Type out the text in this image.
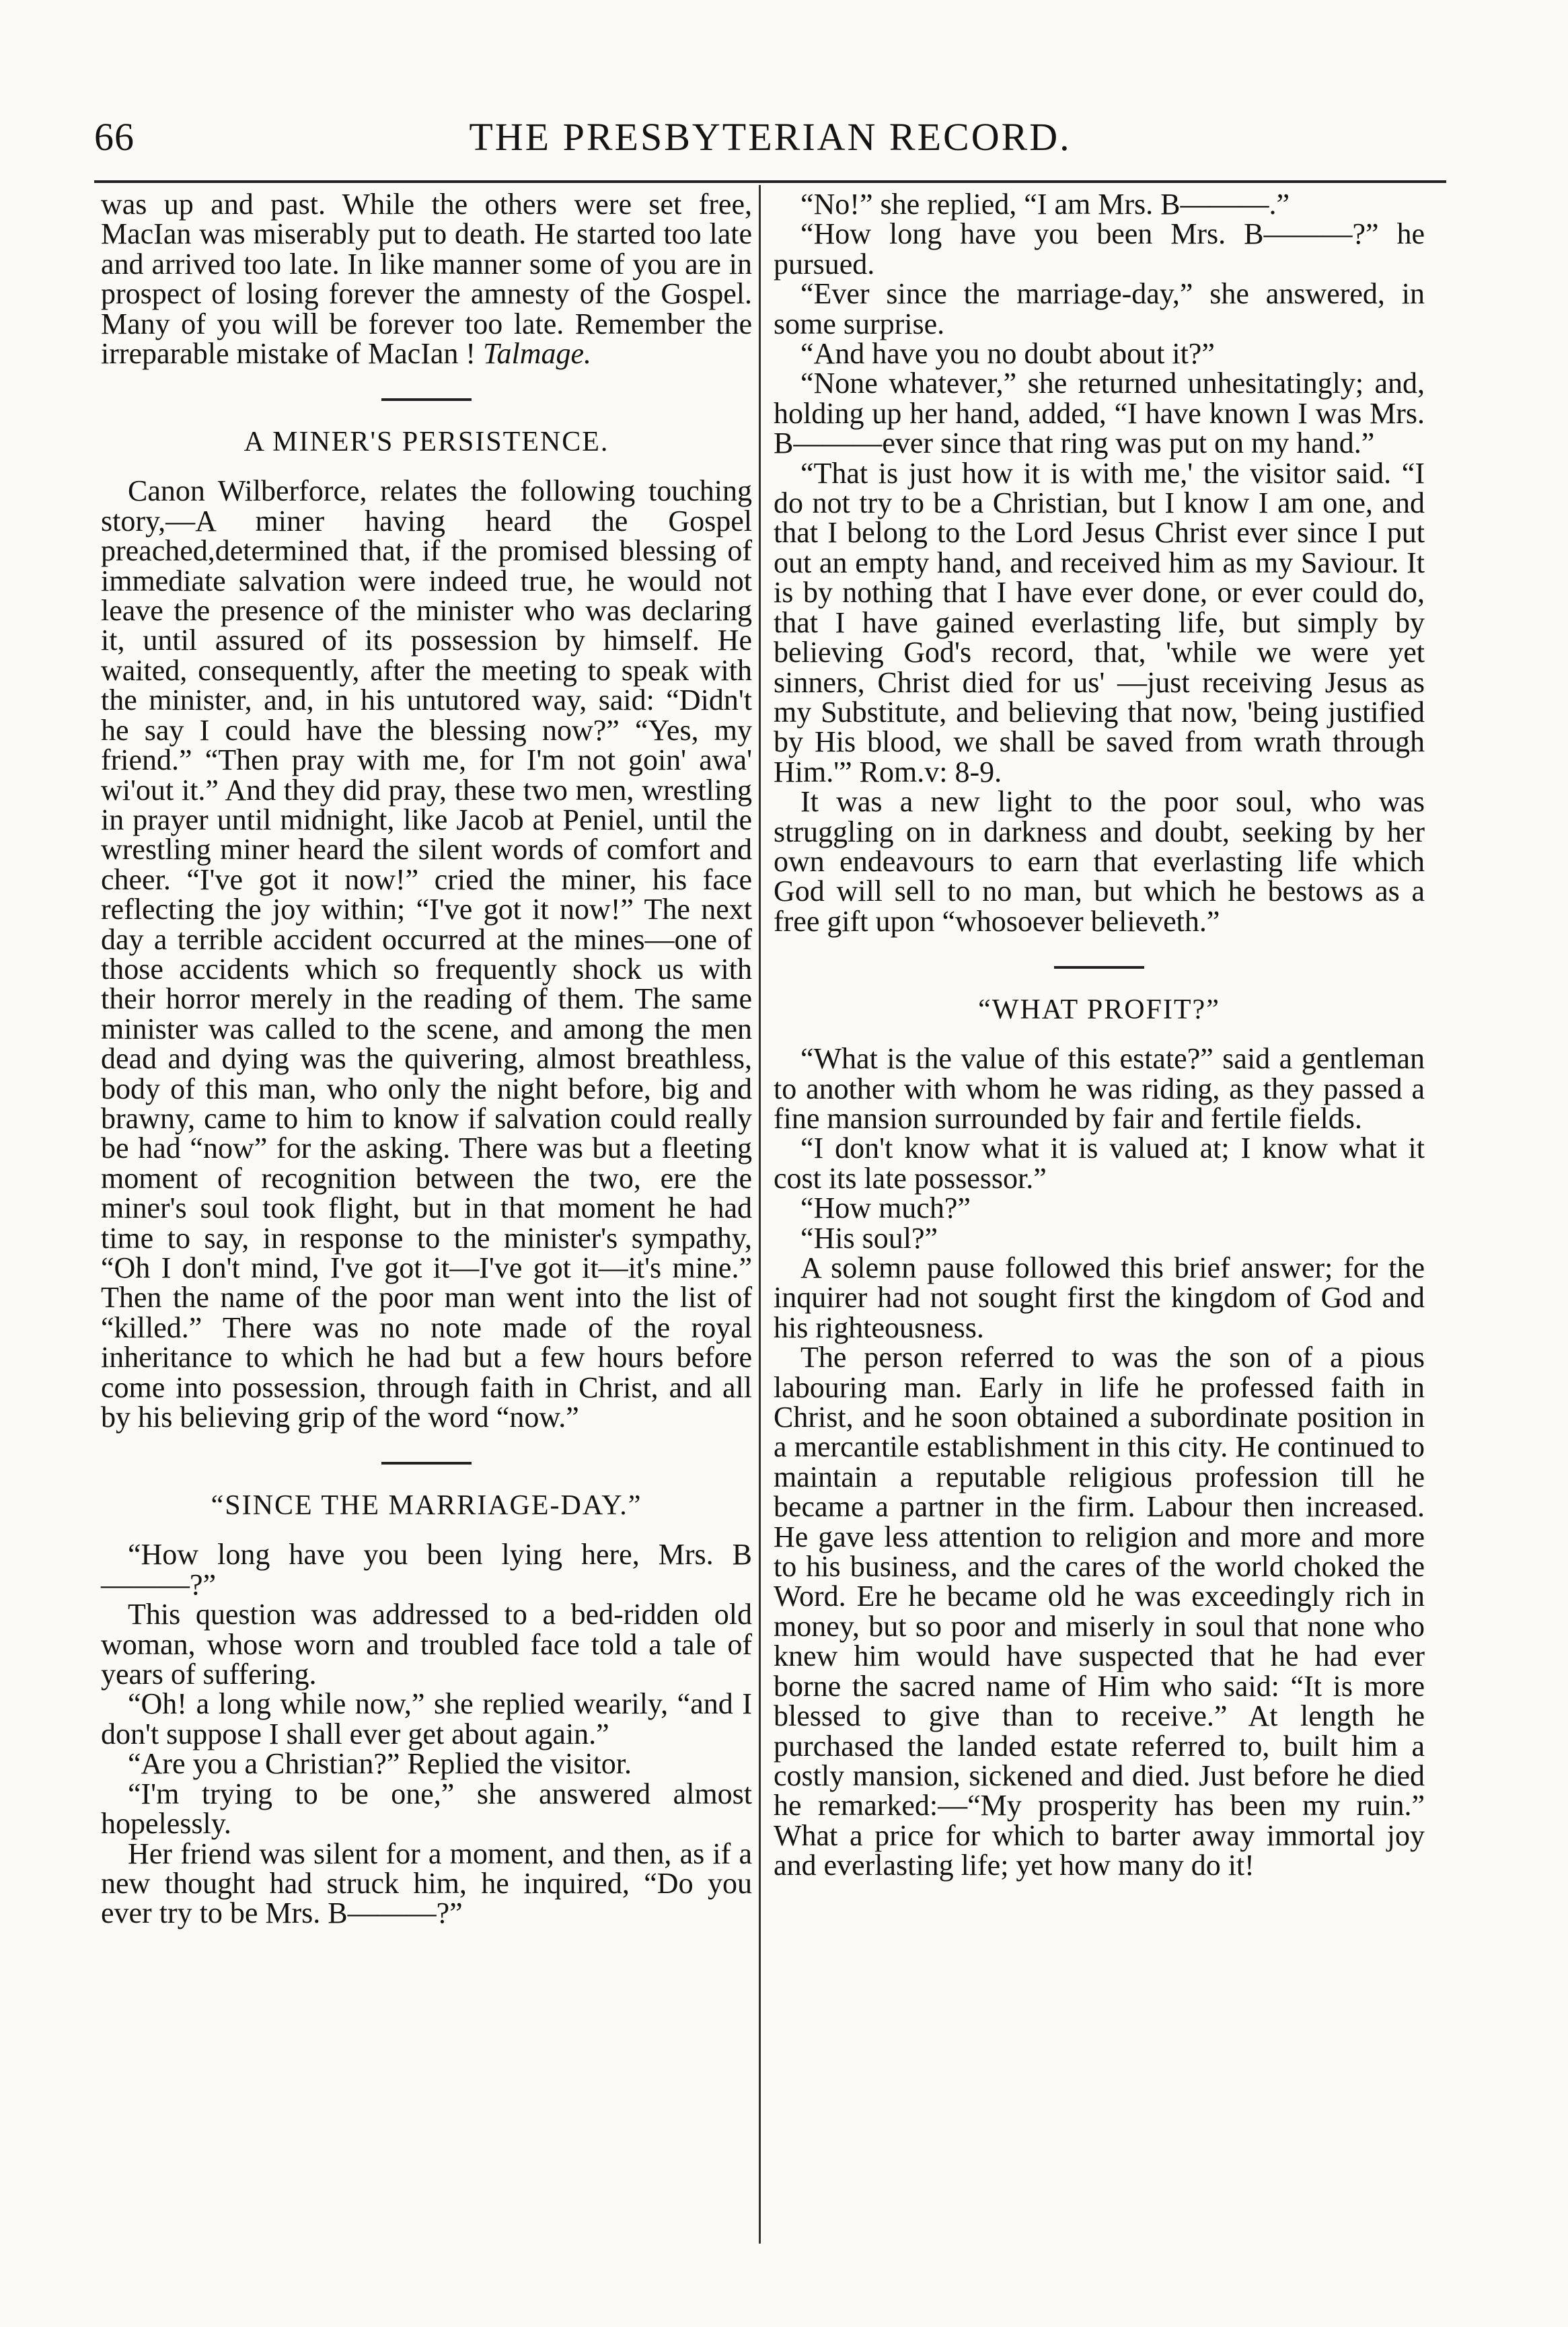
66	THE PRESBYTERIAN RECORD.

was up and past. While the others were set free, MacIan was miserably put to death. He started too late and arrived too late. In like manner some of you are in prospect of losing forever the amnesty of the Gospel. Many of you will be forever too late. Remember the irreparable mistake of MacIan ! Talmage.

A MINER'S PERSISTENCE.

Canon Wilberforce, relates the following touching story,—A miner having heard the Gospel preached,determined that, if the promised blessing of immediate salvation were indeed true, he would not leave the presence of the minister who was declaring it, until assured of its possession by himself. He waited, consequently, after the meeting to speak with the minister, and, in his untutored way, said: “Didn't he say I could have the blessing now?” “Yes, my friend.” “Then pray with me, for I'm not goin' awa' wi'out it.” And they did pray, these two men, wrestling in prayer until midnight, like Jacob at Peniel, until the wrestling miner heard the silent words of comfort and cheer. “I've got it now!” cried the miner, his face reflecting the joy within; “I've got it now!” The next day a terrible accident occurred at the mines—one of those accidents which so frequently shock us with their horror merely in the reading of them. The same minister was called to the scene, and among the men dead and dying was the quivering, almost breathless, body of this man, who only the night before, big and brawny, came to him to know if salvation could really be had “now” for the asking. There was but a fleeting moment of recognition between the two, ere the miner's soul took flight, but in that moment he had time to say, in response to the minister's sympathy, “Oh I don't mind, I've got it—I've got it—it's mine.” Then the name of the poor man went into the list of “killed.” There was no note made of the royal inheritance to which he had but a few hours before come into possession, through faith in Christ, and all by his believing grip of the word “now.”

“SINCE THE MARRIAGE-DAY.”

“How long have you been lying here, Mrs. B———?”

This question was addressed to a bed-ridden old woman, whose worn and troubled face told a tale of years of suffering.

“Oh! a long while now,” she replied wearily, “and I don't suppose I shall ever get about again.”

“Are you a Christian?” Replied the visitor.

“I'm trying to be one,” she answered almost hopelessly.

Her friend was silent for a moment, and then, as if a new thought had struck him, he inquired, “Do you ever try to be Mrs. B———?”

“No!” she replied, “I am Mrs. B———.”

“How long have you been Mrs. B———?” he pursued.

“Ever since the marriage-day,” she answered, in some surprise.

“And have you no doubt about it?”

“None whatever,” she returned unhesitatingly; and, holding up her hand, added, “I have known I was Mrs. B———ever since that ring was put on my hand.”

“That is just how it is with me,' the visitor said. “I do not try to be a Christian, but I know I am one, and that I belong to the Lord Jesus Christ ever since I put out an empty hand, and received him as my Saviour. It is by nothing that I have ever done, or ever could do, that I have gained everlasting life, but simply by believing God's record, that, 'while we were yet sinners, Christ died for us' —just receiving Jesus as my Substitute, and believing that now, 'being justified by His blood, we shall be saved from wrath through Him.'” Rom.v: 8-9.

It was a new light to the poor soul, who was struggling on in darkness and doubt, seeking by her own endeavours to earn that everlasting life which God will sell to no man, but which he bestows as a free gift upon “whosoever believeth.”

“WHAT PROFIT?”

“What is the value of this estate?” said a gentleman to another with whom he was riding, as they passed a fine mansion surrounded by fair and fertile fields.

“I don't know what it is valued at; I know what it cost its late possessor.”

“How much?”

“His soul?”

A solemn pause followed this brief answer; for the inquirer had not sought first the kingdom of God and his righteousness.

The person referred to was the son of a pious labouring man. Early in life he professed faith in Christ, and he soon obtained a subordinate position in a mercantile establishment in this city. He continued to maintain a reputable religious profession till he became a partner in the firm. Labour then increased. He gave less attention to religion and more and more to his business, and the cares of the world choked the Word. Ere he became old he was exceedingly rich in money, but so poor and miserly in soul that none who knew him would have suspected that he had ever borne the sacred name of Him who said: “It is more blessed to give than to receive.” At length he purchased the landed estate referred to, built him a costly mansion, sickened and died. Just before he died he remarked:—“My prosperity has been my ruin.” What a price for which to barter away immortal joy and everlasting life; yet how many do it!
